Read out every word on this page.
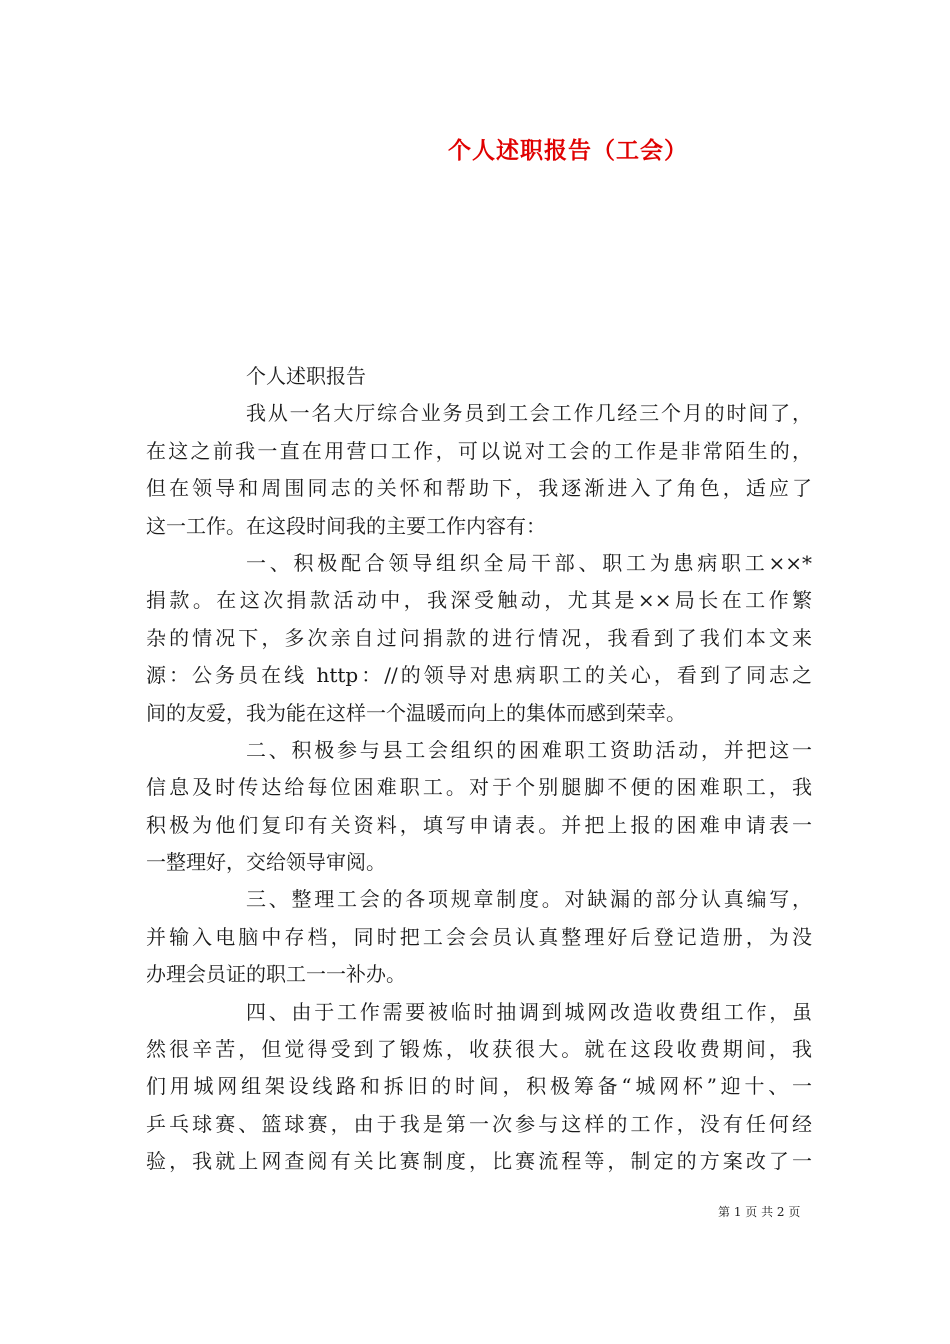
个人述职报告（工会）
个人述职报告
我从一名大厅综合业务员到工会工作几经三个月的时间了，
在这之前我一直在用营口工作，可以说对工会的工作是非常陌生的，
但在领导和周围同志的关怀和帮助下，我逐渐进入了角色，适应了
这一工作。在这段时间我的主要工作内容有：
一、积极配合领导组织全局干部、职工为患病职工××*
捐款。在这次捐款活动中，我深受触动，尤其是××局长在工作繁
杂的情况下，多次亲自过问捐款的进行情况，我看到了我们本文来
源：公务员在线 http：//的领导对患病职工的关心，看到了同志之
间的友爱，我为能在这样一个温暖而向上的集体而感到荣幸。
二、积极参与县工会组织的困难职工资助活动，并把这一
信息及时传达给每位困难职工。对于个别腿脚不便的困难职工，我
积极为他们复印有关资料，填写申请表。并把上报的困难申请表一
一整理好，交给领导审阅。
三、整理工会的各项规章制度。对缺漏的部分认真编写，
并输入电脑中存档，同时把工会会员认真整理好后登记造册，为没
办理会员证的职工一一补办。
四、由于工作需要被临时抽调到城网改造收费组工作，虽
然很辛苦，但觉得受到了锻炼，收获很大。就在这段收费期间，我
们用城网组架设线路和拆旧的时间，积极筹备“城网杯”迎十、一
乒乓球赛、篮球赛，由于我是第一次参与这样的工作，没有任何经
验，我就上网查阅有关比赛制度，比赛流程等，制定的方案改了一
第 1 页 共 2 页
